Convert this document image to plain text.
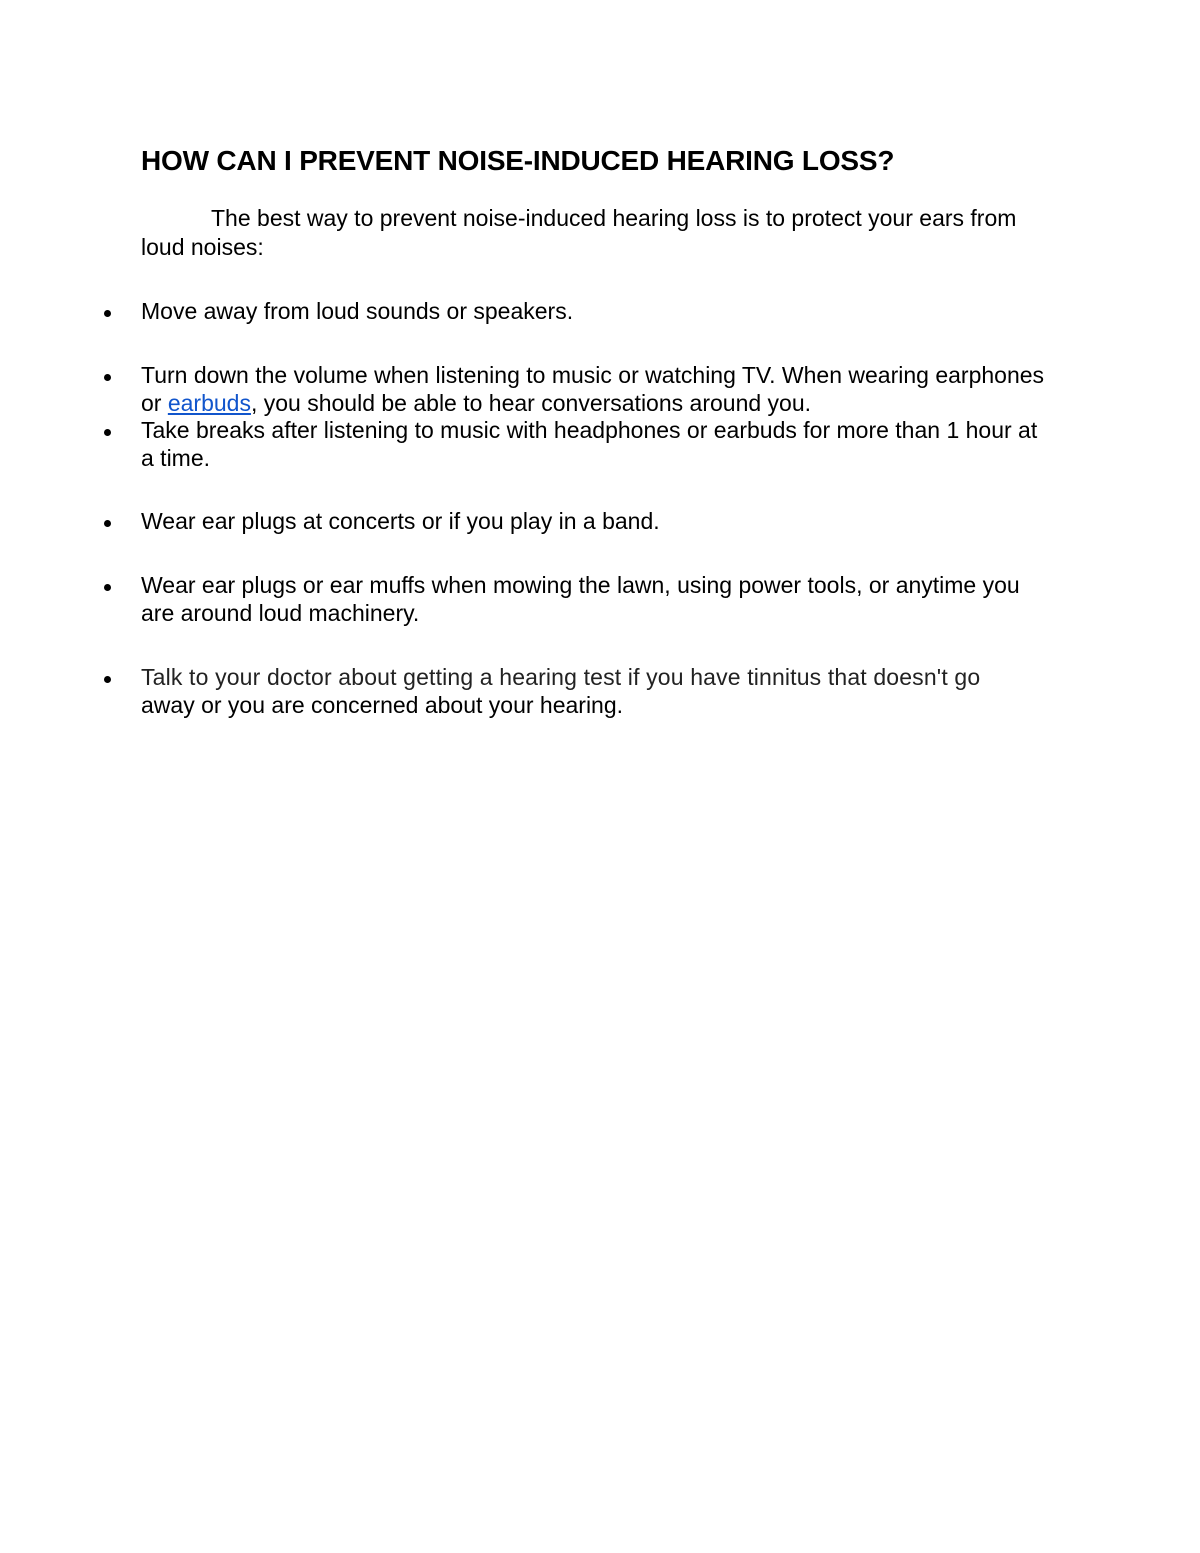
HOW CAN I PREVENT NOISE-INDUCED HEARING LOSS?

The best way to prevent noise-induced hearing loss is to protect your ears from loud noises:

Move away from loud sounds or speakers.
Turn down the volume when listening to music or watching TV. When wearing earphones or earbuds, you should be able to hear conversations around you.
Take breaks after listening to music with headphones or earbuds for more than 1 hour at a time.
Wear ear plugs at concerts or if you play in a band.
Wear ear plugs or ear muffs when mowing the lawn, using power tools, or anytime you are around loud machinery.
Talk to your doctor about getting a hearing test if you have tinnitus that doesn't go
away or you are concerned about your hearing.
